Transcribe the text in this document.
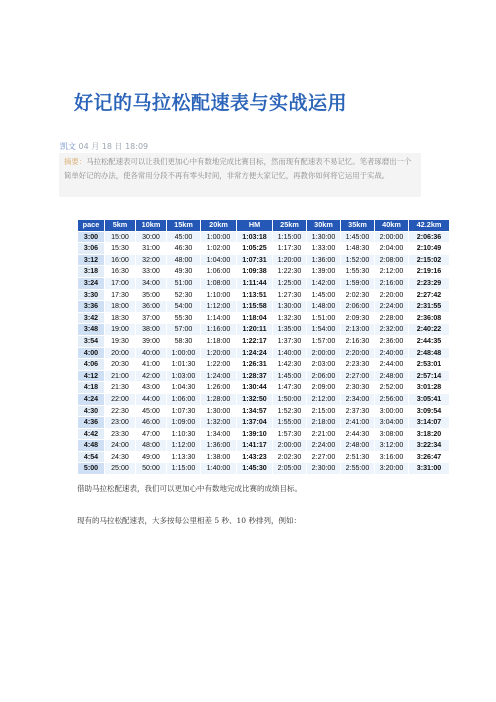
好记的马拉松配速表与实战运用
凯文 04 月 18 日 18:09
摘要：马拉松配速表可以让我们更加心中有数地完成比赛目标，然而现有配速表不易记忆。笔者琢磨出一个简单好记的办法，使各常用分段不再有零头时间，非常方便大家记忆，再教你如何将它运用于实战。
pace	5km	10km	15km	20km	HM	25km	30km	35km	40km	42.2km
3:00	15:00	30:00	45:00	1:00:00	1:03:18	1:15:00	1:30:00	1:45:00	2:00:00	2:06:36
3:06	15:30	31:00	46:30	1:02:00	1:05:25	1:17:30	1:33:00	1:48:30	2:04:00	2:10:49
3:12	16:00	32:00	48:00	1:04:00	1:07:31	1:20:00	1:36:00	1:52:00	2:08:00	2:15:02
3:18	16:30	33:00	49:30	1:06:00	1:09:38	1:22:30	1:39:00	1:55:30	2:12:00	2:19:16
3:24	17:00	34:00	51:00	1:08:00	1:11:44	1:25:00	1:42:00	1:59:00	2:16:00	2:23:29
3:30	17:30	35:00	52:30	1:10:00	1:13:51	1:27:30	1:45:00	2:02:30	2:20:00	2:27:42
3:36	18:00	36:00	54:00	1:12:00	1:15:58	1:30:00	1:48:00	2:06:00	2:24:00	2:31:55
3:42	18:30	37:00	55:30	1:14:00	1:18:04	1:32:30	1:51:00	2:09:30	2:28:00	2:36:08
3:48	19:00	38:00	57:00	1:16:00	1:20:11	1:35:00	1:54:00	2:13:00	2:32:00	2:40:22
3:54	19:30	39:00	58:30	1:18:00	1:22:17	1:37:30	1:57:00	2:16:30	2:36:00	2:44:35
4:00	20:00	40:00	1:00:00	1:20:00	1:24:24	1:40:00	2:00:00	2:20:00	2:40:00	2:48:48
4:06	20:30	41:00	1:01:30	1:22:00	1:26:31	1:42:30	2:03:00	2:23:30	2:44:00	2:53:01
4:12	21:00	42:00	1:03:00	1:24:00	1:28:37	1:45:00	2:06:00	2:27:00	2:48:00	2:57:14
4:18	21:30	43:00	1:04:30	1:26:00	1:30:44	1:47:30	2:09:00	2:30:30	2:52:00	3:01:28
4:24	22:00	44:00	1:06:00	1:28:00	1:32:50	1:50:00	2:12:00	2:34:00	2:56:00	3:05:41
4:30	22:30	45:00	1:07:30	1:30:00	1:34:57	1:52:30	2:15:00	2:37:30	3:00:00	3:09:54
4:36	23:00	46:00	1:09:00	1:32:00	1:37:04	1:55:00	2:18:00	2:41:00	3:04:00	3:14:07
4:42	23:30	47:00	1:10:30	1:34:00	1:39:10	1:57:30	2:21:00	2:44:30	3:08:00	3:18:20
4:48	24:00	48:00	1:12:00	1:36:00	1:41:17	2:00:00	2:24:00	2:48:00	3:12:00	3:22:34
4:54	24:30	49:00	1:13:30	1:38:00	1:43:23	2:02:30	2:27:00	2:51:30	3:16:00	3:26:47
5:00	25:00	50:00	1:15:00	1:40:00	1:45:30	2:05:00	2:30:00	2:55:00	3:20:00	3:31:00

借助马拉松配速表，我们可以更加心中有数地完成比赛的成绩目标。

现有的马拉松配速表，大多按每公里相差 5 秒、10 秒排列，例如：
